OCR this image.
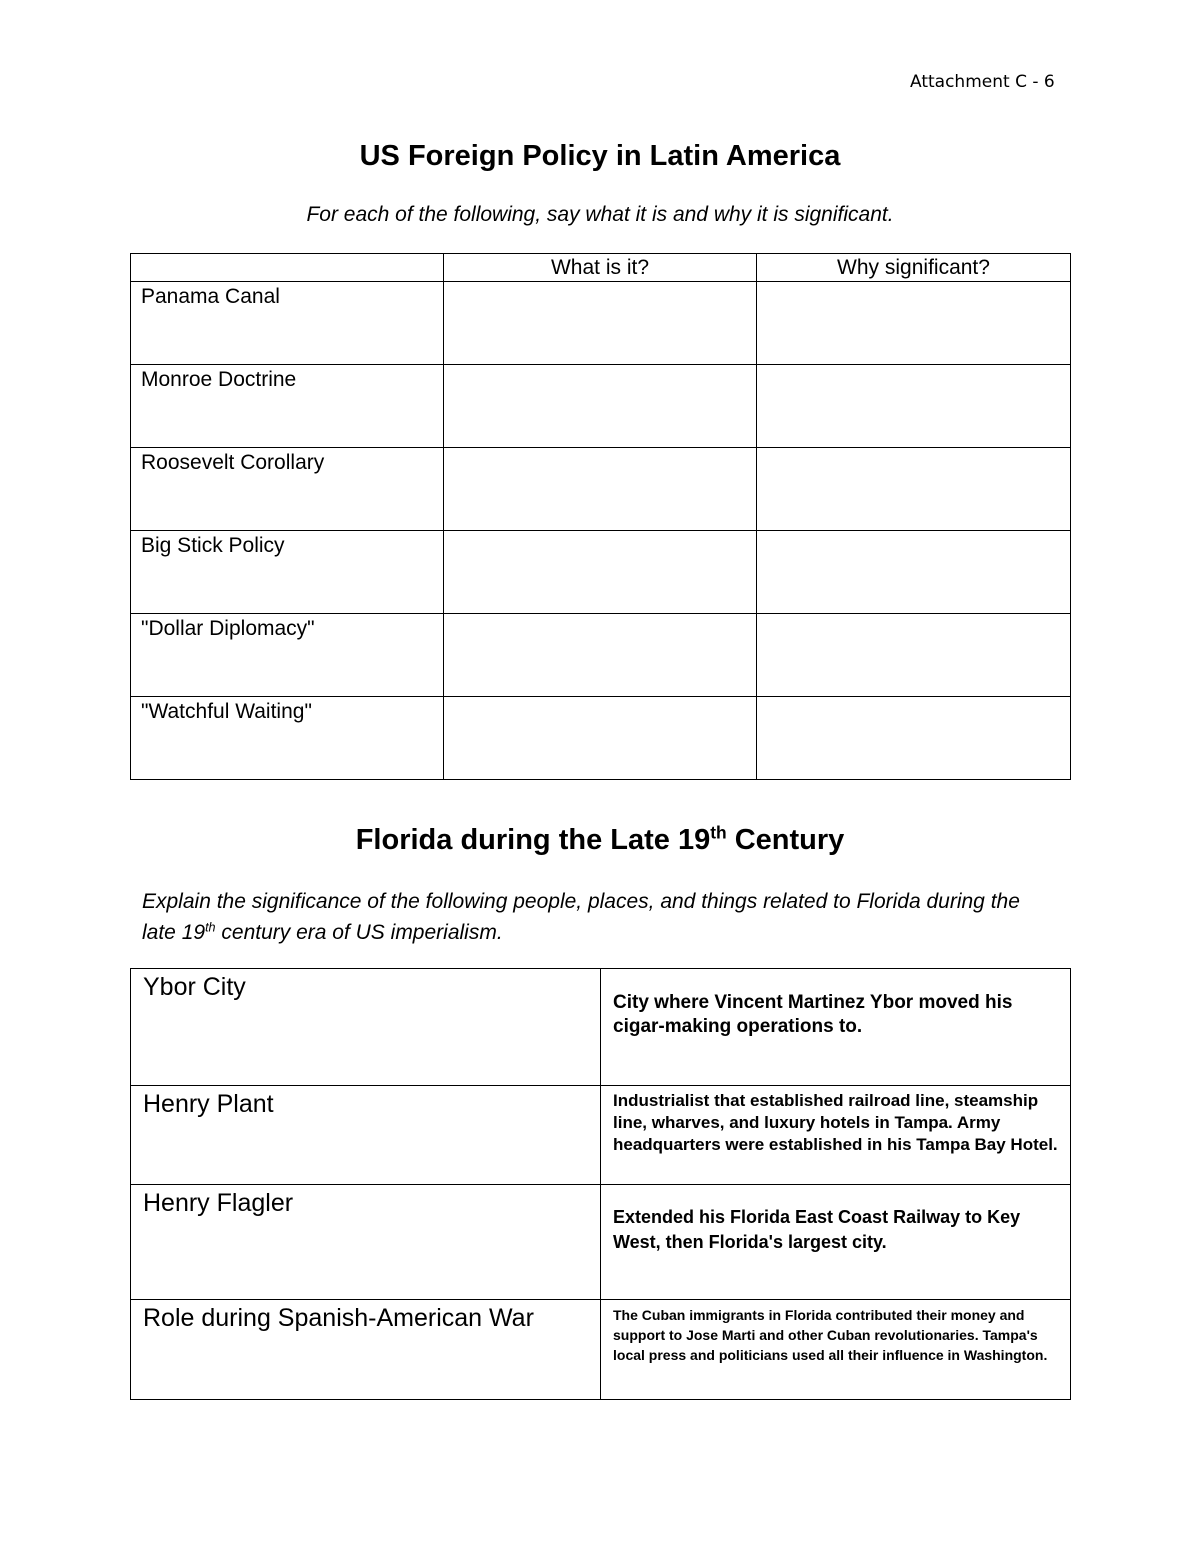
Attachment C - 6
US Foreign Policy in Latin America
For each of the following, say what it is and why it is significant.
	What is it?	Why significant?
Panama Canal		
Monroe Doctrine		
Roosevelt Corollary		
Big Stick Policy		
"Dollar Diplomacy"		
"Watchful Waiting"		
Florida during the Late 19th Century
Explain the significance of the following people, places, and things related to Florida during the late 19th century era of US imperialism.
Ybor City	City where Vincent Martinez Ybor moved his cigar-making operations to.
Henry Plant	Industrialist that established railroad line, steamship line, wharves, and luxury hotels in Tampa. Army headquarters were established in his Tampa Bay Hotel.
Henry Flagler	Extended his Florida East Coast Railway to Key West, then Florida's largest city.
Role during Spanish-American War	The Cuban immigrants in Florida contributed their money and support to Jose Marti and other Cuban revolutionaries. Tampa's local press and politicians used all their influence in Washington.
